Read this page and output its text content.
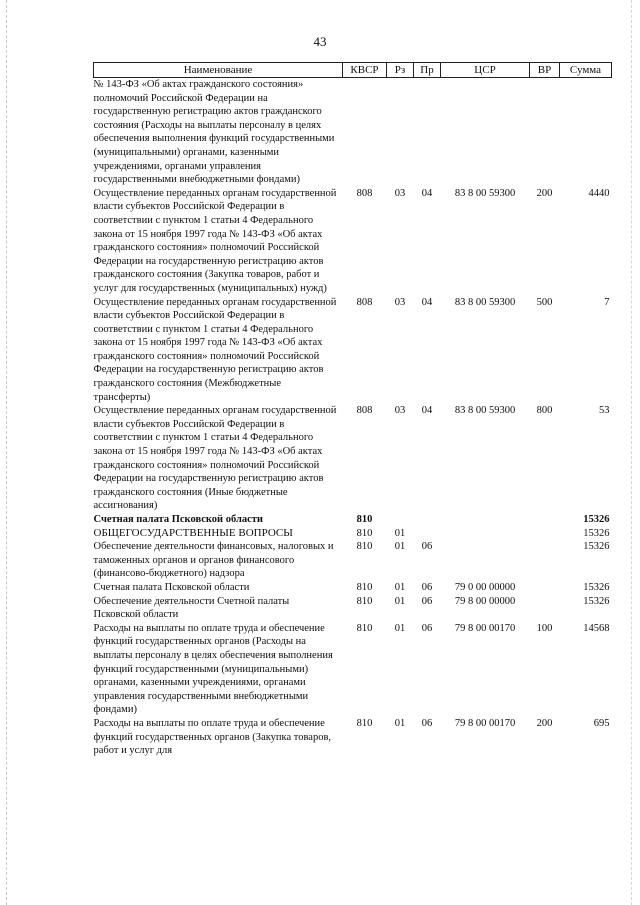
43
Наименование	КВСР	Рз	Пр	ЦСР	ВР	Сумма
№ 143-ФЗ «Об актах гражданского состояния» полномочий Российской Федерации на государственную регистрацию актов гражданского состояния (Расходы на выплаты персоналу в целях обеспечения выполнения функций государственными (муниципальными) органами, казенными учреждениями, органами управления государственными внебюджетными фондами)						
Осуществление переданных органам государственной власти субъектов Российской Федерации в соответствии с пунктом 1 статьи 4 Федерального закона от 15 ноября 1997 года № 143-ФЗ «Об актах гражданского состояния» полномочий Российской Федерации на государственную регистрацию актов гражданского состояния (Закупка товаров, работ и услуг для государственных (муниципальных) нужд)	808	03	04	83 8 00 59300	200	4440
Осуществление переданных органам государственной власти субъектов Российской Федерации в соответствии с пунктом 1 статьи 4 Федерального закона от 15 ноября 1997 года № 143-ФЗ «Об актах гражданского состояния» полномочий Российской Федерации на государственную регистрацию актов гражданского состояния (Межбюджетные трансферты)	808	03	04	83 8 00 59300	500	7
Осуществление переданных органам государственной власти субъектов Российской Федерации в соответствии с пунктом 1 статьи 4 Федерального закона от 15 ноября 1997 года № 143-ФЗ «Об актах гражданского состояния» полномочий Российской Федерации на государственную регистрацию актов гражданского состояния (Иные бюджетные ассигнования)	808	03	04	83 8 00 59300	800	53
Счетная палата Псковской области	810					15326
ОБЩЕГОСУДАРСТВЕННЫЕ ВОПРОСЫ	810	01				15326
Обеспечение деятельности финансовых, налоговых и таможенных органов и органов финансового (финансово-бюджетного) надзора	810	01	06			15326
Счетная палата Псковской области	810	01	06	79 0 00 00000		15326
Обеспечение деятельности Счетной палаты Псковской области	810	01	06	79 8 00 00000		15326
Расходы на выплаты по оплате труда и обеспечение функций государственных органов (Расходы на выплаты персоналу в целях обеспечения выполнения функций государственными (муниципальными) органами, казенными учреждениями, органами управления государственными внебюджетными фондами)	810	01	06	79 8 00 00170	100	14568
Расходы на выплаты по оплате труда и обеспечение функций государственных органов (Закупка товаров, работ и услуг для	810	01	06	79 8 00 00170	200	695
